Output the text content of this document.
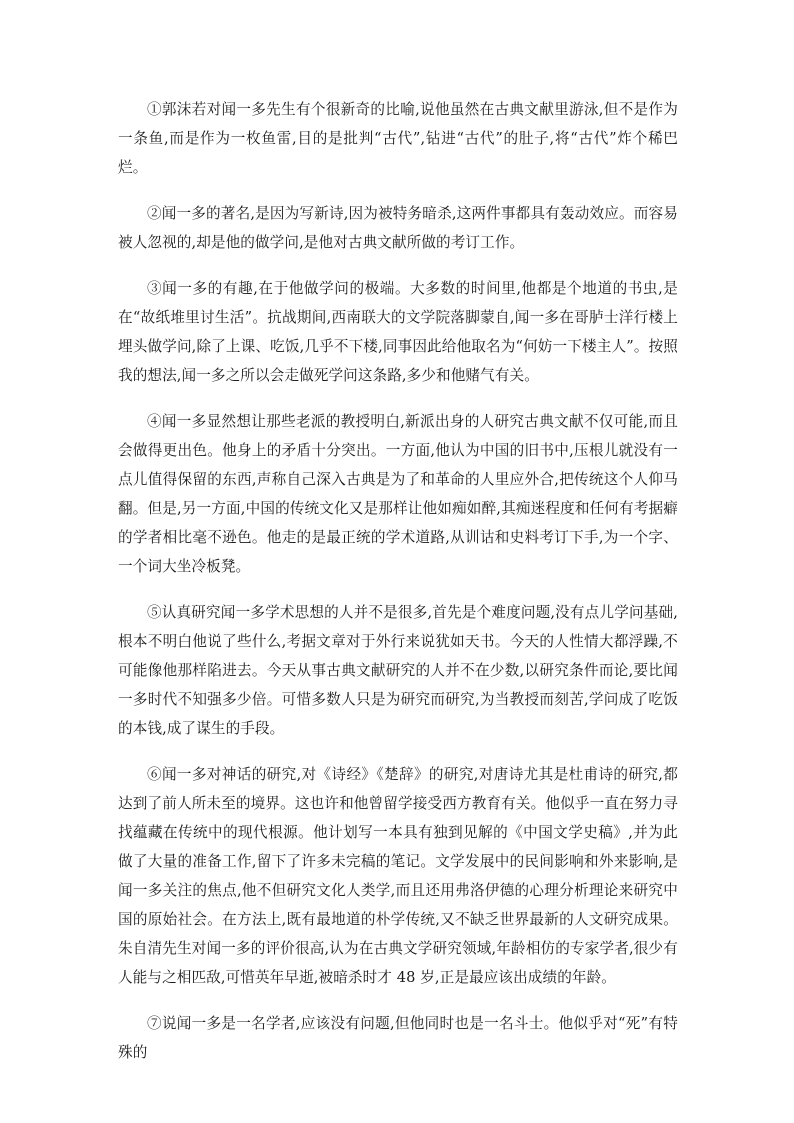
①郭沫若对闻一多先生有个很新奇的比喻,说他虽然在古典文献里游泳,但不是作为一条鱼,而是作为一枚鱼雷,目的是批判“古代”,钻进“古代”的肚子,将“古代”炸个稀巴烂。

②闻一多的著名,是因为写新诗,因为被特务暗杀,这两件事都具有轰动效应。而容易被人忽视的,却是他的做学问,是他对古典文献所做的考订工作。

③闻一多的有趣,在于他做学问的极端。大多数的时间里,他都是个地道的书虫,是在“故纸堆里讨生活”。抗战期间,西南联大的文学院落脚蒙自,闻一多在哥胪士洋行楼上埋头做学问,除了上课、吃饭,几乎不下楼,同事因此给他取名为“何妨一下楼主人”。按照我的想法,闻一多之所以会走做死学问这条路,多少和他赌气有关。

④闻一多显然想让那些老派的教授明白,新派出身的人研究古典文献不仅可能,而且会做得更出色。他身上的矛盾十分突出。一方面,他认为中国的旧书中,压根儿就没有一点儿值得保留的东西,声称自己深入古典是为了和革命的人里应外合,把传统这个人仰马翻。但是,另一方面,中国的传统文化又是那样让他如痴如醉,其痴迷程度和任何有考据癖的学者相比毫不逊色。他走的是最正统的学术道路,从训诂和史料考订下手,为一个字、一个词大坐冷板凳。

⑤认真研究闻一多学术思想的人并不是很多,首先是个难度问题,没有点儿学问基础,根本不明白他说了些什么,考据文章对于外行来说犹如天书。今天的人性情大都浮躁,不可能像他那样陷进去。今天从事古典文献研究的人并不在少数,以研究条件而论,要比闻一多时代不知强多少倍。可惜多数人只是为研究而研究,为当教授而刻苦,学问成了吃饭的本钱,成了谋生的手段。

⑥闻一多对神话的研究,对《诗经》《楚辞》的研究,对唐诗尤其是杜甫诗的研究,都达到了前人所未至的境界。这也许和他曾留学接受西方教育有关。他似乎一直在努力寻找蕴藏在传统中的现代根源。他计划写一本具有独到见解的《中国文学史稿》,并为此做了大量的准备工作,留下了许多未完稿的笔记。文学发展中的民间影响和外来影响,是闻一多关注的焦点,他不但研究文化人类学,而且还用弗洛伊德的心理分析理论来研究中国的原始社会。在方法上,既有最地道的朴学传统,又不缺乏世界最新的人文研究成果。朱自清先生对闻一多的评价很高,认为在古典文学研究领域,年龄相仿的专家学者,很少有人能与之相匹敌,可惜英年早逝,被暗杀时才 48 岁,正是最应该出成绩的年龄。

⑦说闻一多是一名学者,应该没有问题,但他同时也是一名斗士。他似乎对“死”有特殊的
